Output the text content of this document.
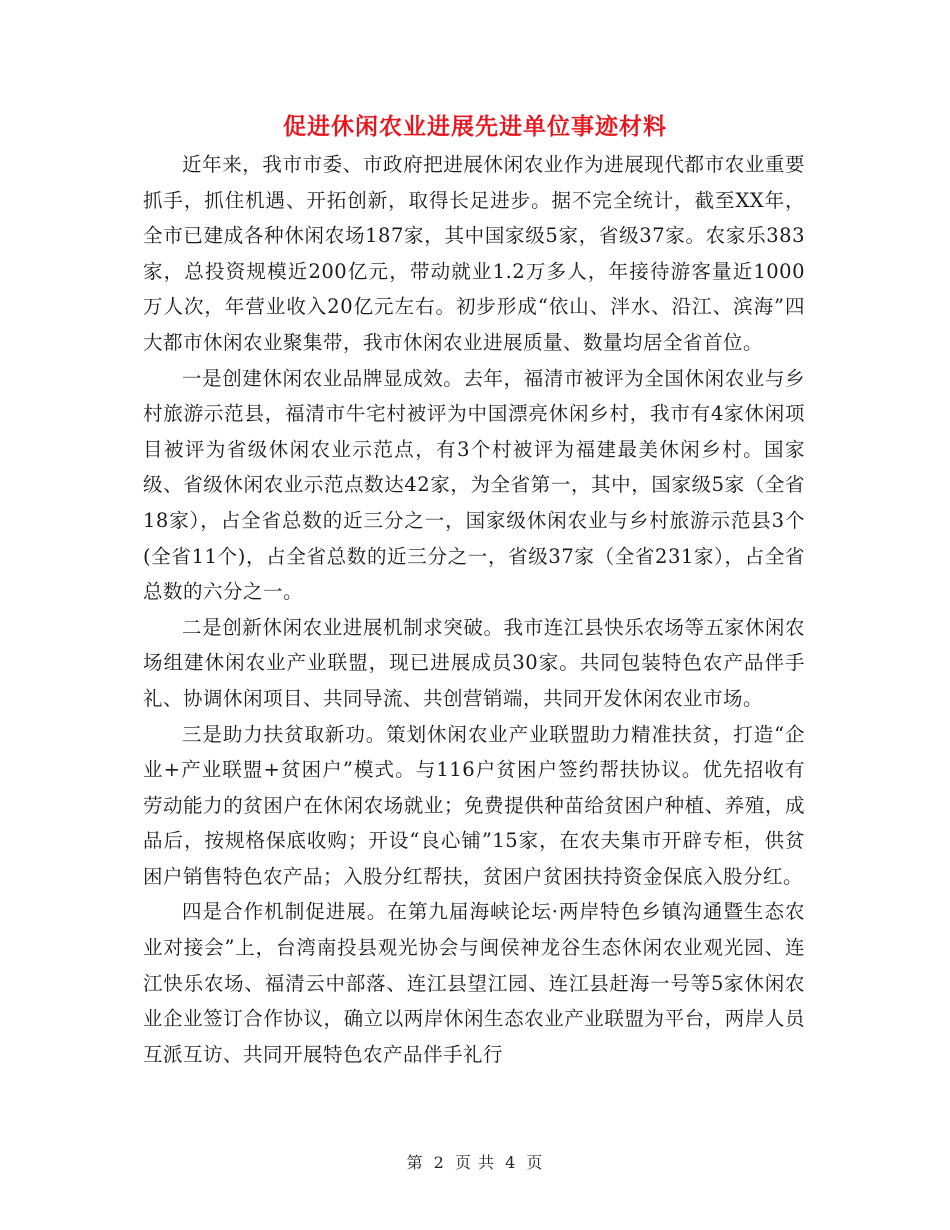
促进休闲农业进展先进单位事迹材料

近年来，我市市委、市政府把进展休闲农业作为进展现代都市农业重要抓手，抓住机遇、开拓创新，取得长足进步。据不完全统计，截至XX年，全市已建成各种休闲农场187家，其中国家级5家，省级37家。农家乐383家，总投资规模近200亿元，带动就业1.2万多人，年接待游客量近1000万人次，年营业收入20亿元左右。初步形成“依山、泮水、沿江、滨海”四大都市休闲农业聚集带，我市休闲农业进展质量、数量均居全省首位。

一是创建休闲农业品牌显成效。去年，福清市被评为全国休闲农业与乡村旅游示范县，福清市牛宅村被评为中国漂亮休闲乡村，我市有4家休闲项目被评为省级休闲农业示范点，有3个村被评为福建最美休闲乡村。国家级、省级休闲农业示范点数达42家，为全省第一，其中，国家级5家（全省18家），占全省总数的近三分之一，国家级休闲农业与乡村旅游示范县3个(全省11个)，占全省总数的近三分之一，省级37家（全省231家），占全省总数的六分之一。

二是创新休闲农业进展机制求突破。我市连江县快乐农场等五家休闲农场组建休闲农业产业联盟，现已进展成员30家。共同包装特色农产品伴手礼、协调休闲项目、共同导流、共创营销端，共同开发休闲农业市场。

三是助力扶贫取新功。策划休闲农业产业联盟助力精准扶贫，打造“企业+产业联盟+贫困户”模式。与116户贫困户签约帮扶协议。优先招收有劳动能力的贫困户在休闲农场就业；免费提供种苗给贫困户种植、养殖，成品后，按规格保底收购；开设“良心铺”15家，在农夫集市开辟专柜，供贫困户销售特色农产品；入股分红帮扶，贫困户贫困扶持资金保底入股分红。

四是合作机制促进展。在第九届海峡论坛·两岸特色乡镇沟通暨生态农业对接会”上，台湾南投县观光协会与闽侯神龙谷生态休闲农业观光园、连江快乐农场、福清云中部落、连江县望江园、连江县赶海一号等5家休闲农业企业签订合作协议，确立以两岸休闲生态农业产业联盟为平台，两岸人员互派互访、共同开展特色农产品伴手礼行

第 2 页 共 4 页
